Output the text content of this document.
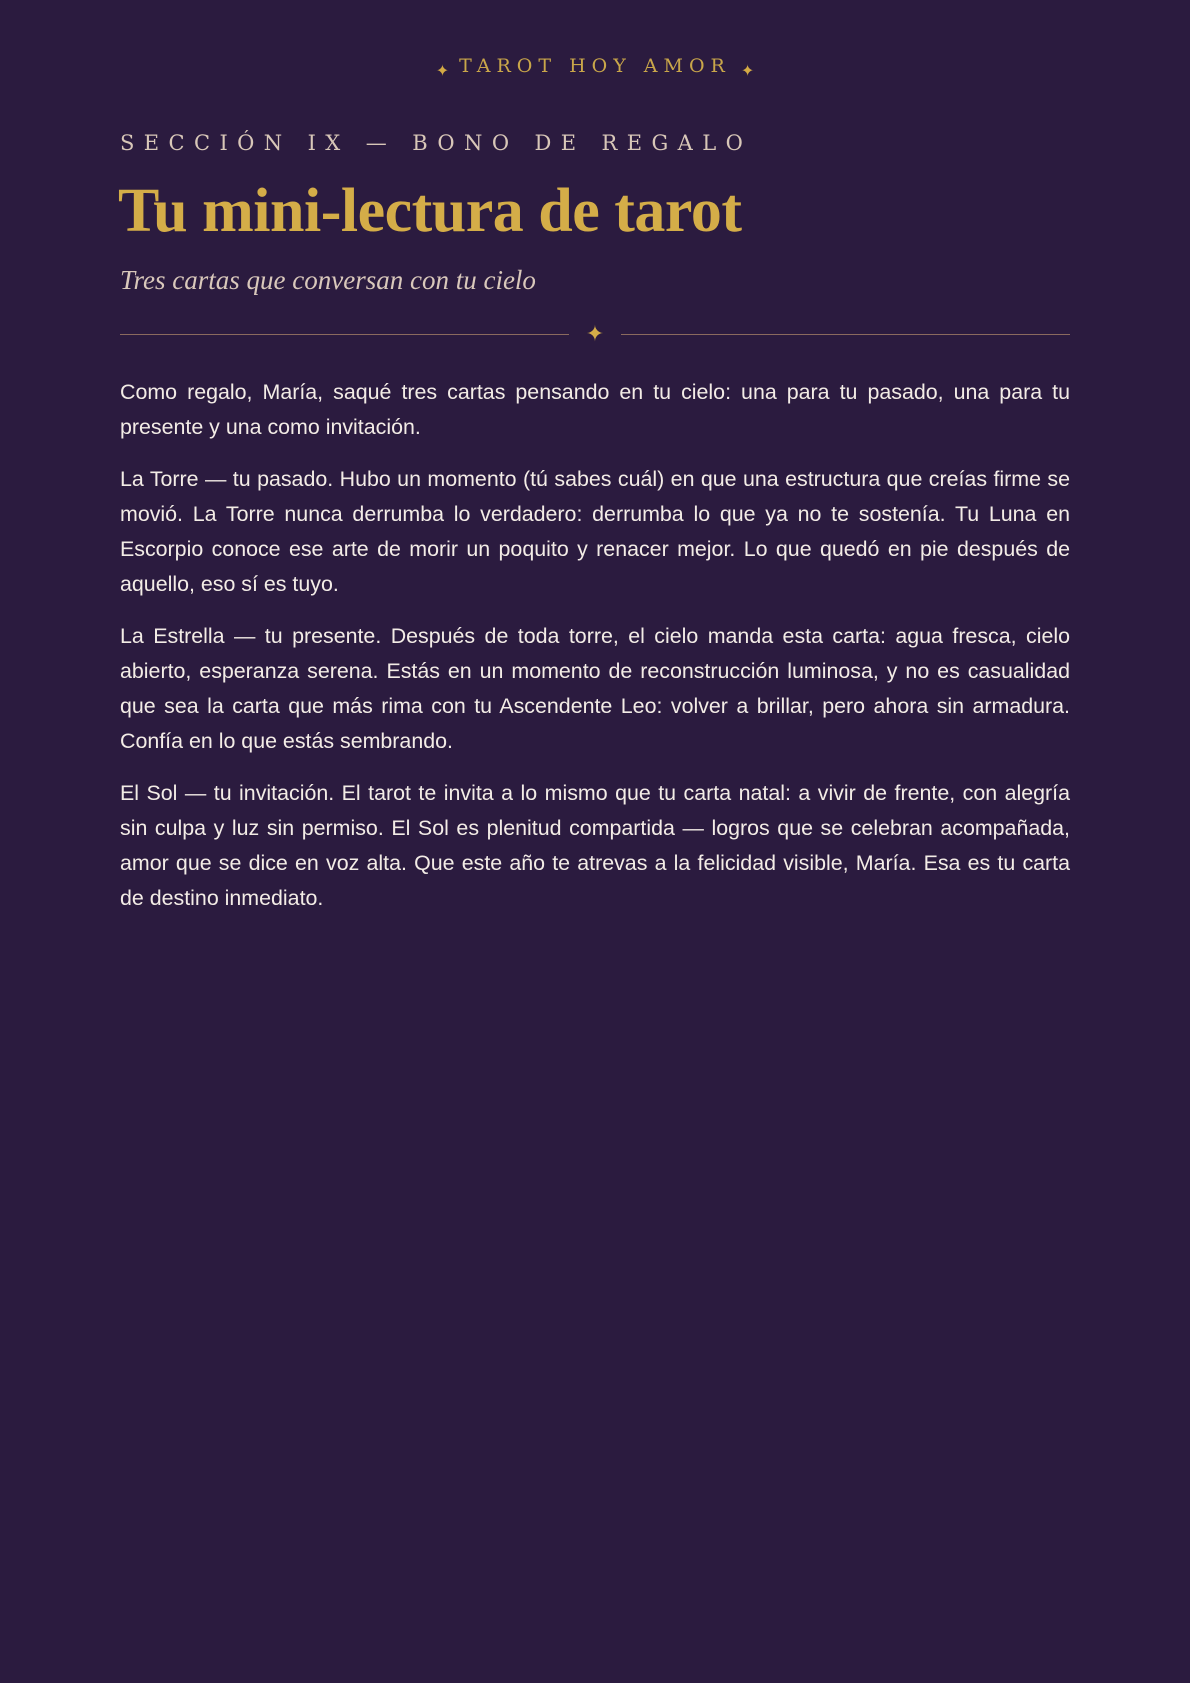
✦ TAROT HOY AMOR ✦
SECCIÓN IX — BONO DE REGALO
Tu mini-lectura de tarot
Tres cartas que conversan con tu cielo
✦

Como regalo, María, saqué tres cartas pensando en tu cielo: una para tu pasado, una para tu presente y una como invitación.

La Torre — tu pasado. Hubo un momento (tú sabes cuál) en que una estructura que creías firme se movió. La Torre nunca derrumba lo verdadero: derrumba lo que ya no te sostenía. Tu Luna en Escorpio conoce ese arte de morir un poquito y renacer mejor. Lo que quedó en pie después de aquello, eso sí es tuyo.

La Estrella — tu presente. Después de toda torre, el cielo manda esta carta: agua fresca, cielo abierto, esperanza serena. Estás en un momento de reconstrucción luminosa, y no es casualidad que sea la carta que más rima con tu Ascendente Leo: volver a brillar, pero ahora sin armadura. Confía en lo que estás sembrando.

El Sol — tu invitación. El tarot te invita a lo mismo que tu carta natal: a vivir de frente, con alegría sin culpa y luz sin permiso. El Sol es plenitud compartida — logros que se celebran acompañada, amor que se dice en voz alta. Que este año te atrevas a la felicidad visible, María. Esa es tu carta de destino inmediato.
